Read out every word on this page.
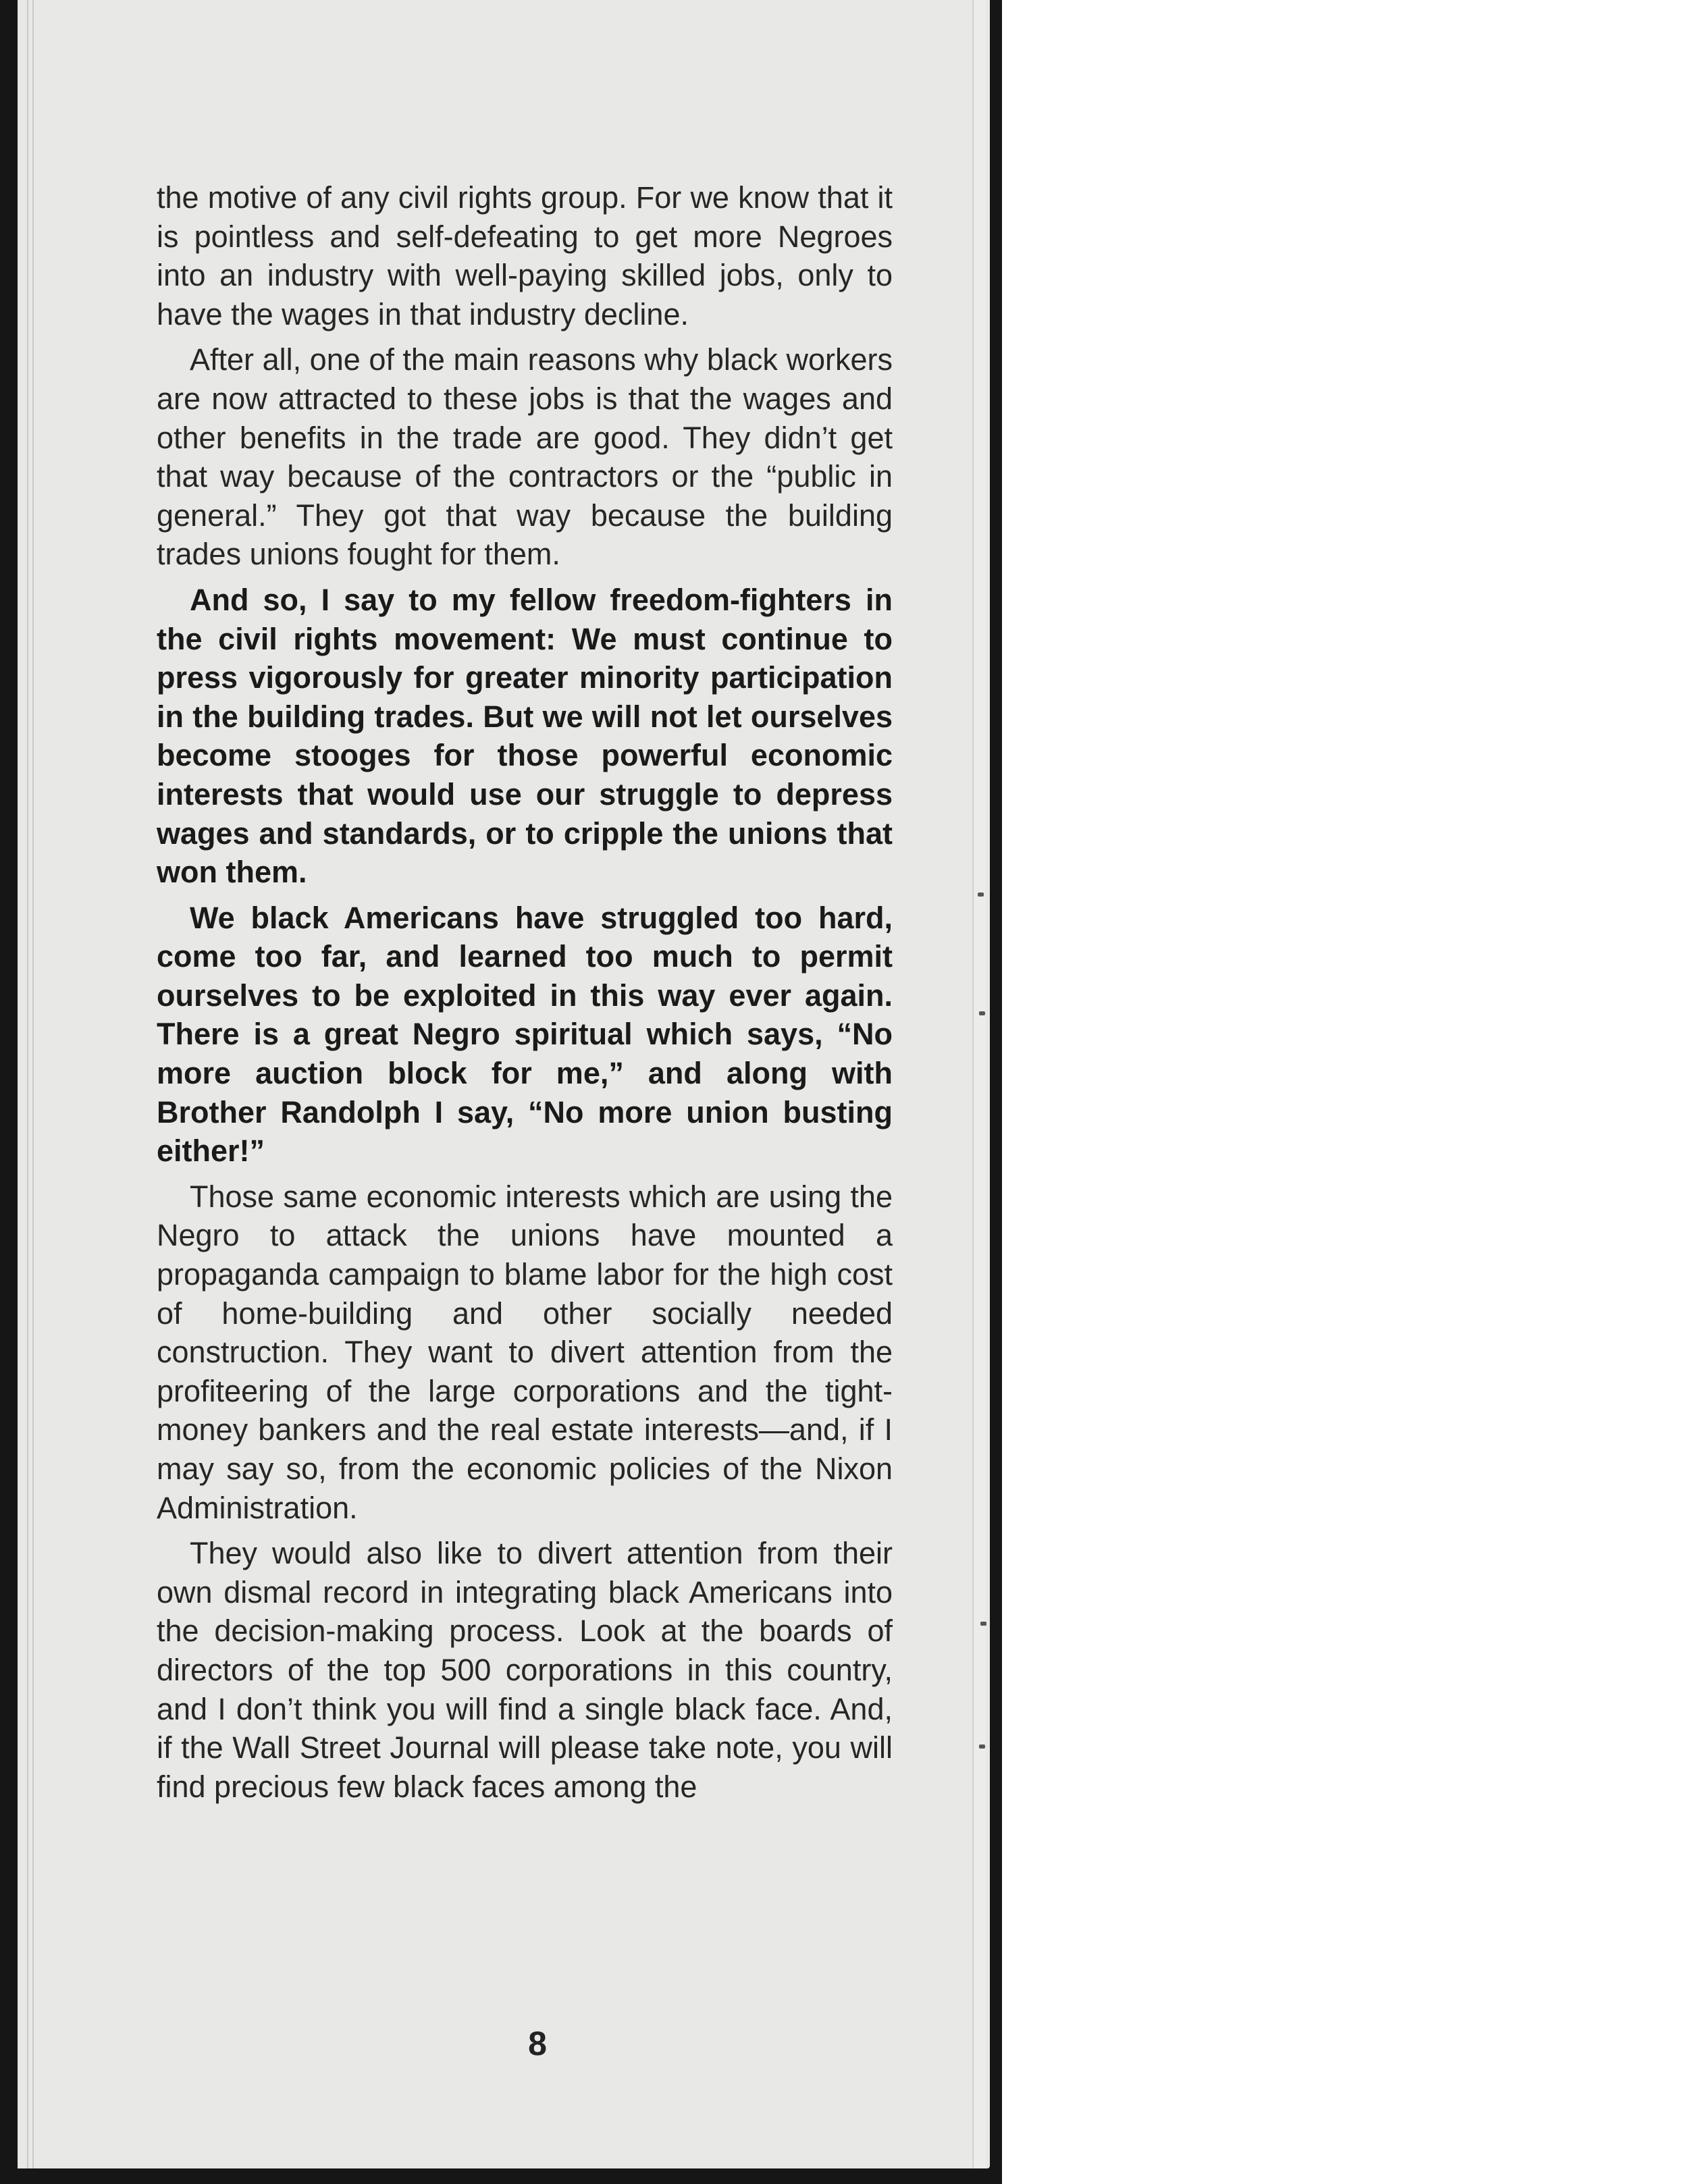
the motive of any civil rights group. For we know that it is pointless and self-defeating to get more Negroes into an industry with well-paying skilled jobs, only to have the wages in that industry decline.

After all, one of the main reasons why black workers are now attracted to these jobs is that the wages and other benefits in the trade are good. They didn’t get that way because of the contractors or the “public in general.” They got that way because the building trades unions fought for them.

And so, I say to my fellow freedom-fighters in the civil rights movement: We must continue to press vigorously for greater minority participation in the building trades. But we will not let ourselves become stooges for those powerful economic interests that would use our struggle to depress wages and standards, or to cripple the unions that won them.

We black Americans have struggled too hard, come too far, and learned too much to permit ourselves to be exploited in this way ever again. There is a great Negro spiritual which says, “No more auction block for me,” and along with Brother Randolph I say, “No more union busting either!”

Those same economic interests which are using the Negro to attack the unions have mounted a propaganda campaign to blame labor for the high cost of home-building and other socially needed construction. They want to divert attention from the profiteering of the large corporations and the tight-money bankers and the real estate interests—and, if I may say so, from the economic policies of the Nixon Administration.

They would also like to divert attention from their own dismal record in integrating black Americans into the decision-making process. Look at the boards of directors of the top 500 corporations in this country, and I don’t think you will find a single black face. And, if the Wall Street Journal will please take note, you will find precious few black faces among the

8
